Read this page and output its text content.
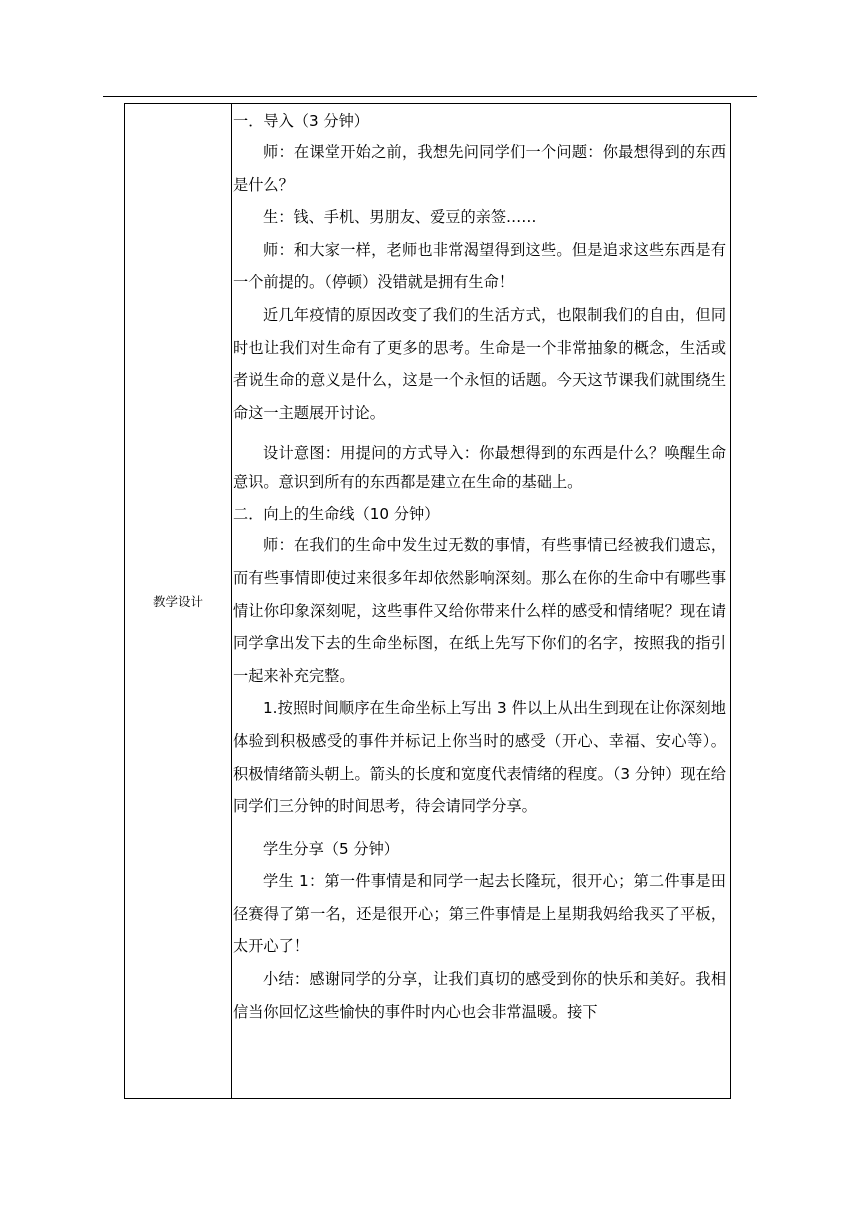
教学设计

一．导入（3 分钟）

师：在课堂开始之前，我想先问同学们一个问题：你最想得到的东西是什么？

生：钱、手机、男朋友、爱豆的亲签……

师：和大家一样，老师也非常渴望得到这些。但是追求这些东西是有一个前提的。（停顿）没错就是拥有生命！

近几年疫情的原因改变了我们的生活方式，也限制我们的自由，但同时也让我们对生命有了更多的思考。生命是一个非常抽象的概念，生活或者说生命的意义是什么，这是一个永恒的话题。今天这节课我们就围绕生命这一主题展开讨论。

设计意图：用提问的方式导入：你最想得到的东西是什么？唤醒生命意识。意识到所有的东西都是建立在生命的基础上。

二．向上的生命线（10 分钟）

师：在我们的生命中发生过无数的事情，有些事情已经被我们遗忘，而有些事情即使过来很多年却依然影响深刻。那么在你的生命中有哪些事情让你印象深刻呢，这些事件又给你带来什么样的感受和情绪呢？现在请同学拿出发下去的生命坐标图，在纸上先写下你们的名字，按照我的指引一起来补充完整。

1.按照时间顺序在生命坐标上写出 3 件以上从出生到现在让你深刻地体验到积极感受的事件并标记上你当时的感受（开心、幸福、安心等）。积极情绪箭头朝上。箭头的长度和宽度代表情绪的程度。（3 分钟）现在给同学们三分钟的时间思考，待会请同学分享。

学生分享（5 分钟）

学生 1：第一件事情是和同学一起去长隆玩，很开心；第二件事是田径赛得了第一名，还是很开心；第三件事情是上星期我妈给我买了平板，太开心了！

小结：感谢同学的分享，让我们真切的感受到你的快乐和美好。我相信当你回忆这些愉快的事件时内心也会非常温暖。接下
